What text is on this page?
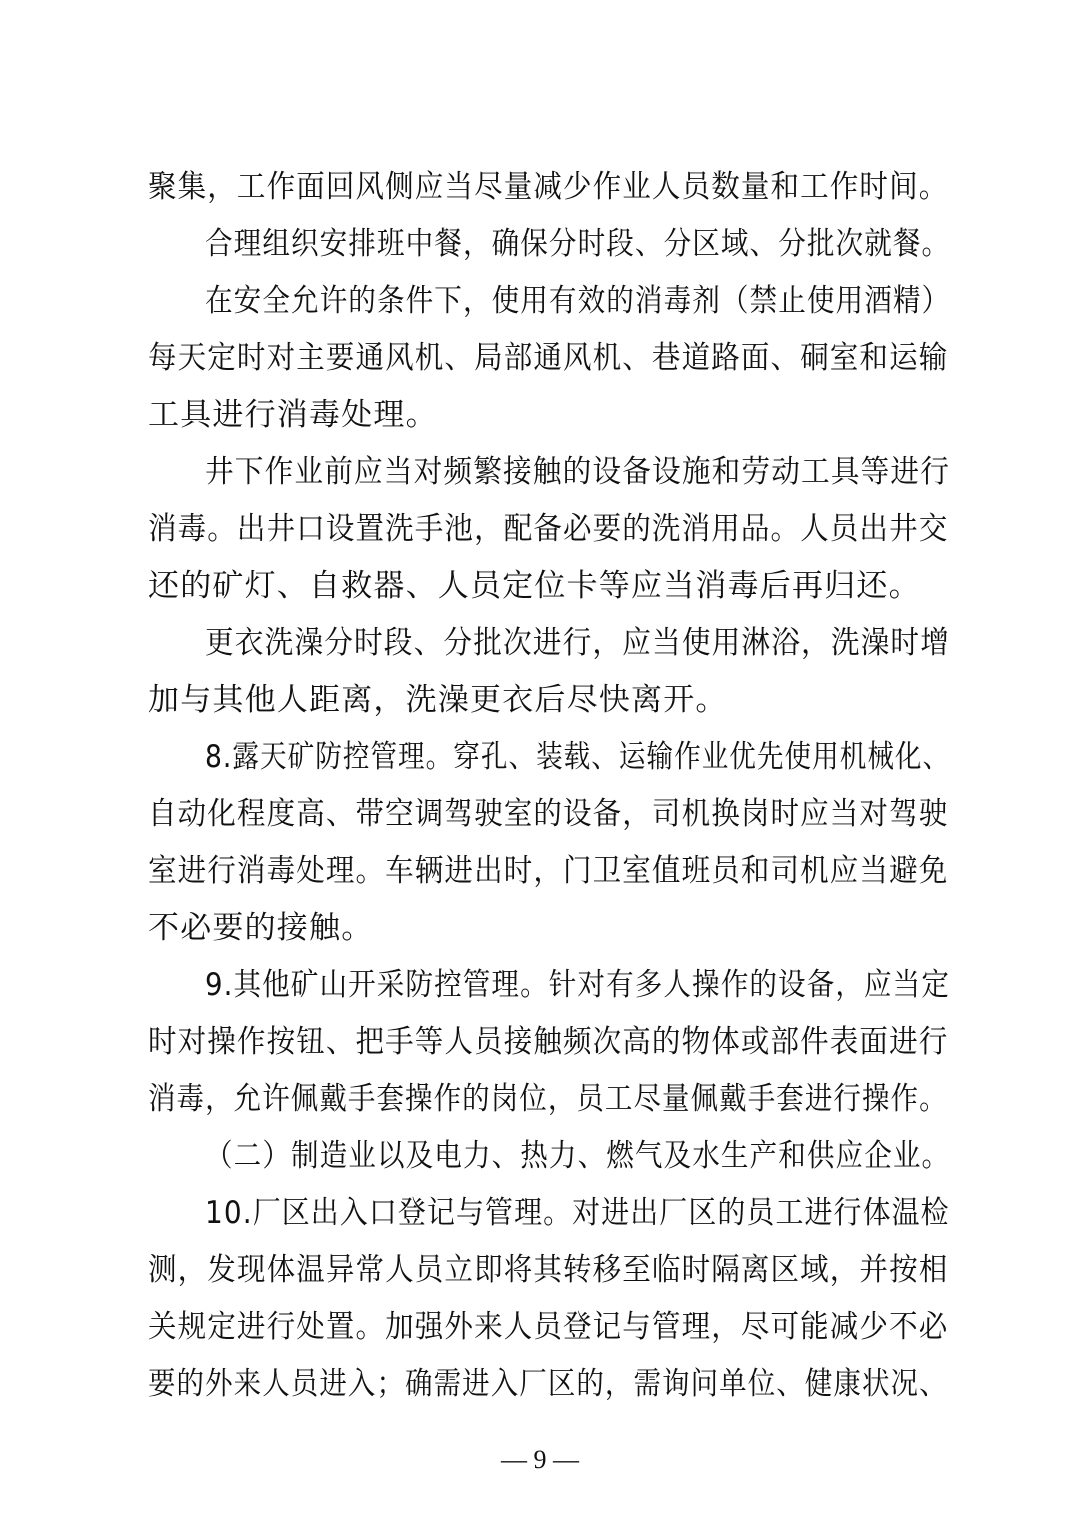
聚集，工作面回风侧应当尽量减少作业人员数量和工作时间。
合理组织安排班中餐，确保分时段、分区域、分批次就餐。
在安全允许的条件下，使用有效的消毒剂（禁止使用酒精）
每天定时对主要通风机、局部通风机、巷道路面、硐室和运输
工具进行消毒处理。
井下作业前应当对频繁接触的设备设施和劳动工具等进行
消毒。出井口设置洗手池，配备必要的洗消用品。人员出井交
还的矿灯、自救器、人员定位卡等应当消毒后再归还。
更衣洗澡分时段、分批次进行，应当使用淋浴，洗澡时增
加与其他人距离，洗澡更衣后尽快离开。
8.露天矿防控管理。穿孔、装载、运输作业优先使用机械化、
自动化程度高、带空调驾驶室的设备，司机换岗时应当对驾驶
室进行消毒处理。车辆进出时，门卫室值班员和司机应当避免
不必要的接触。
9.其他矿山开采防控管理。针对有多人操作的设备，应当定
时对操作按钮、把手等人员接触频次高的物体或部件表面进行
消毒，允许佩戴手套操作的岗位，员工尽量佩戴手套进行操作。
（二）制造业以及电力、热力、燃气及水生产和供应企业。
10.厂区出入口登记与管理。对进出厂区的员工进行体温检
测，发现体温异常人员立即将其转移至临时隔离区域，并按相
关规定进行处置。加强外来人员登记与管理，尽可能减少不必
要的外来人员进入；确需进入厂区的，需询问单位、健康状况、
— 9 —
